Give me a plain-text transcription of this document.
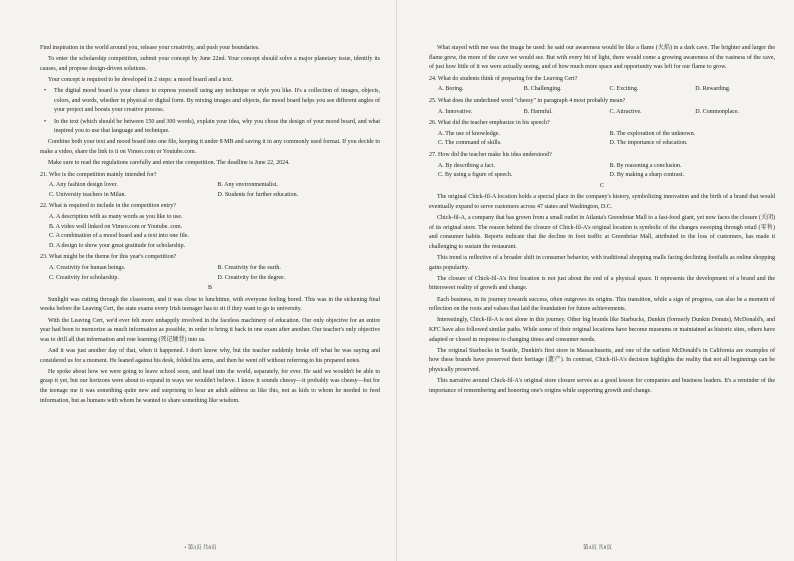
Find inspiration in the world around you, release your creativity, and push your boundaries.

To enter the scholarship competition, submit your concept by June 22nd. Your concept should solve a major planetary issue, identify its causes, and propose design-driven solutions.

Your concept is required to be developed in 2 steps: a mood board and a text.

• The digital mood board is your chance to express yourself using any technique or style you like. It's a collection of images, objects, colors, and words, whether in physical or digital form. By mixing images and objects, the mood board helps you see different angles of your project and boosts your creative process.
• In the text (which should be between 150 and 300 words), explain your idea, why you chose the design of your mood board, and what inspired you to use that language and technique.

Combine both your text and mood board into one file, keeping it under 8 MB and saving it in any commonly used format. If you decide to make a video, share the link to it on Vimeo.com or Youtube.com.

Make sure to read the regulations carefully and enter the competition. The deadline is June 22, 2024.

21. Who is the competition mainly intended for?
A. Any fashion design lover.	B. Any environmentalist.
C. University teachers in Milan.	D. Students for further education.
22. What is required to include in the competition entry?
A. A description with as many words as you like to use.
B. A video well linked on Vimeo.com or Youtube. com.
C. A combination of a mood board and a text into one file.
D. A design to show your great gratitude for scholarship.
23. What might be the theme for this year's competition?
A. Creativity for human beings.	B. Creativity for the earth.
C. Creativity for scholarship.	D. Creativity for the degree.
B

Sunlight was cutting through the classroom, and it was close to lunchtime, with everyone feeling bored. This was in the sickening final weeks before the Leaving Cert, the state exams every Irish teenager has to sit if they want to go to university.

With the Leaving Cert, we'd ever felt more unhappily involved in the faceless machinery of education. Our only objective for an entire year had been to memorize as much information as possible, in order to bring it back in one exam after another. Our teacher's only objective was to drill all that information and rote learning (死记硬背) into us.

And it was just another day of that, when it happened. I don't know why, but the teacher suddenly broke off what he was saying and considered us for a moment. He leaned against his desk, folded his arms, and then he went off without referring to his prepared notes.

He spoke about how we were going to leave school soon, and head into the world, separately, for ever. He said we wouldn't be able to grasp it yet, but our horizons were about to expand in ways we wouldn't believe. I know it sounds cheesy—it probably was cheesy—but for the teenage me it was something quite new and surprising to hear an adult address us like this, not as kids to whom he needed to feed information, but as humans with whom he wanted to share something like wisdom.

• 第3页 共8页

What stayed with me was the image he used: he said our awareness would be like a flame (火焰) in a dark cave. The brighter and larger the flame grew, the more of the cave we would see. But with every bit of light, there would come a growing awareness of the vastness of the cave, of just how little of it we were actually seeing, and of how much more space and opportunity was left for our flame to grow.

24. What do students think of preparing for the Leaving Cert?
A. Boring.	B. Challenging.	C. Exciting.	D. Rewarding.
25. What does the underlined word "cheesy" in paragraph 4 most probably mean?
A. Innovative.	B. Harmful.	C. Attractive.	D. Commonplace.
26. What did the teacher emphasize in his speech?
A. The use of knowledge.	B. The exploration of the unknown.
C. The command of skills.	D. The importance of education.
27. How did the teacher make his idea understood?
A. By describing a fact.	B. By reasoning a conclusion.
C. By using a figure of speech.	D. By making a sharp contrast.
C

The original Chick-fil-A location holds a special place in the company's history, symbolizing innovation and the birth of a brand that would eventually expand to serve customers across 47 states and Washington, D.C.

Chick-fil-A, a company that has grown from a small outlet in Atlanta's Greenbriar Mall to a fast-food giant, yet now faces the closure (关闭) of its original store. The reason behind the closure of Chick-fil-A's original location is symbolic of the changes sweeping through retail (零售) and consumer habits. Reports indicate that the decline in foot traffic at Greenbriar Mall, attributed to the loss of customers, has made it challenging to sustain the restaurant.

This trend is reflective of a broader shift in consumer behavior, with traditional shopping malls facing declining footfalls as online shopping gains popularity.

The closure of Chick-fil-A's first location is not just about the end of a physical space. It represents the development of a brand and the bittersweet reality of growth and change.

Each business, in its journey towards success, often outgrows its origins. This transition, while a sign of progress, can also be a moment of reflection on the roots and values that laid the foundation for future achievements.

Interestingly, Chick-fil-A is not alone in this journey. Other big brands like Starbucks, Dunkin (formerly Dunkin Donuts), McDonald's, and KFC have also followed similar paths. While some of their original locations have become museums or maintained as historic sites, others have adapted or closed in response to changing times and consumer needs.

The original Starbucks in Seattle, Dunkin's first store in Massachusetts, and one of the earliest McDonald's in California are examples of how these brands have preserved their heritage (遗产). In contrast, Chick-fil-A's decision highlights the reality that not all beginnings can be physically preserved.

This narrative around Chick-fil-A's original store closure serves as a good lesson for companies and business leaders. It's a reminder of the importance of remembering and honoring one's origins while supporting growth and change.

第4页 共8页
